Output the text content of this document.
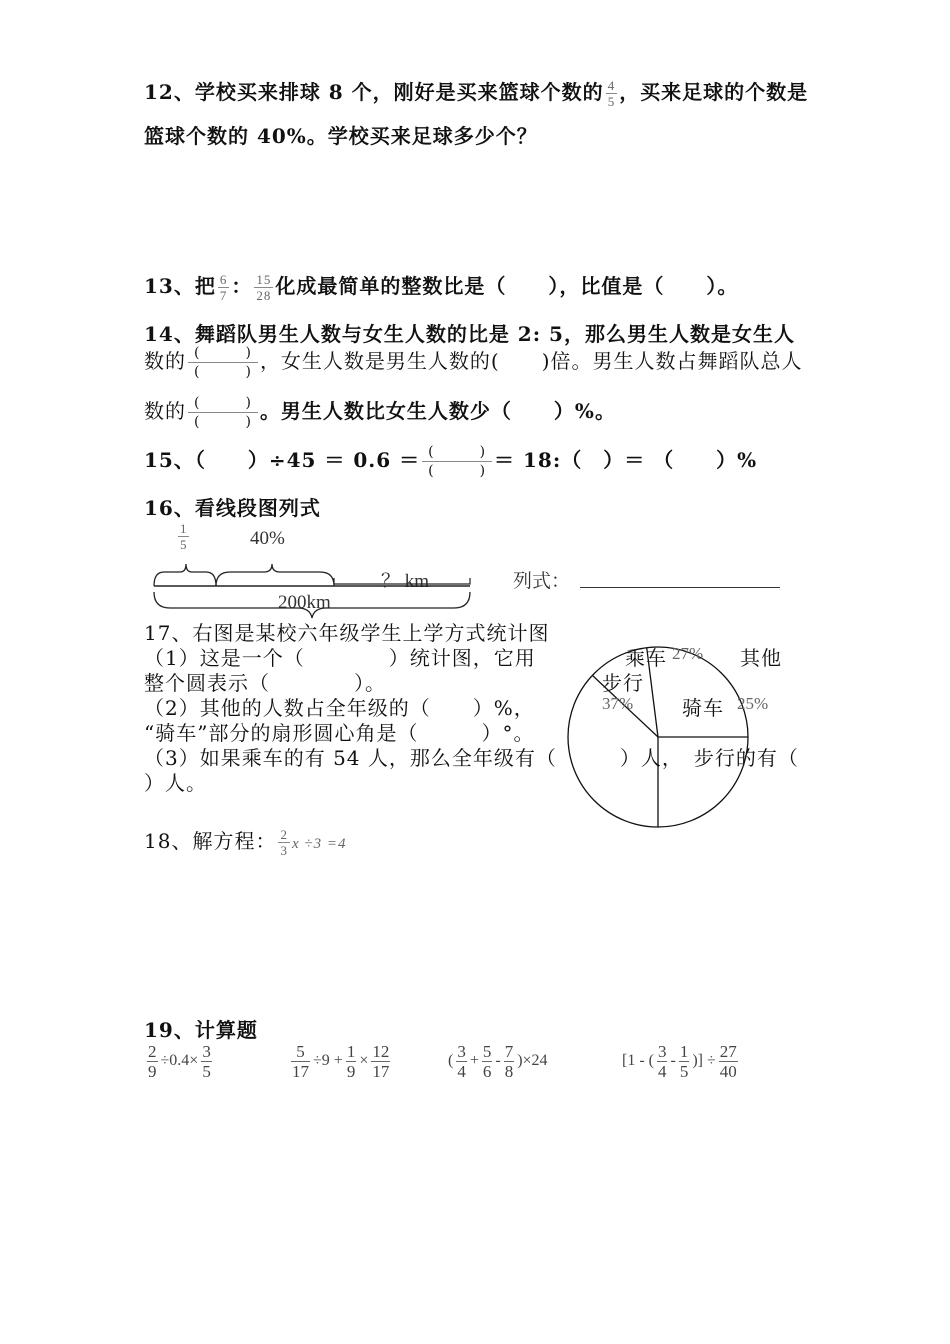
12、学校买来排球 8 个，刚好是买来篮球个数的 $\frac{4}{5}$ ，买来足球的个数是
篮球个数的 40%。学校买来足球多少个？
13、把 $\frac{6}{7}$ ： $\frac{15}{28}$ 化成最简单的整数比是（　　），比值是（　　）。
14、舞蹈队男生人数与女生人数的比是 2: 5，那么男生人数是女生人
数的 (　　　)
(　　　) ，女生人数是男生人数的(　　)倍。男生人数占舞蹈队总人
数的 (　　　)
(　　　) 。男生人数比女生人数少（　　）%。
15、（　　）÷45 ＝ 0.6 ＝ (　　　)
(　　　) ＝ 18:（　）＝ （　　）%
16、看线段图列式
$\frac{1}{5}$	40%
？ km
200km
列式：
17、右图是某校六年级学生上学方式统计图
（1）这是一个（　　　　）统计图，它用
整个圆表示（　　　　）。
（2）其他的人数占全年级的（　　）%，
“骑车”部分的扇形圆心角是（　　　）°。
（3）如果乘车的有 54 人，那么全年级有（　　　）人，　步行的有（
）人。
乘车 27% 其他
步行
37% 骑车 25%
18、解方程： $\frac{2}{3}$ x ÷3 =4
19、计算题
$\frac{2}{9} \div 0.4\times \frac{3}{5}$	$\frac{5}{17} \div 9 + \frac{1}{9} \times \frac{12}{17}$	( $\frac{3}{4} + \frac{5}{6} - \frac{7}{8} )\times 24$	[1 - ( $\frac{3}{4} - \frac{1}{5}$ )] ÷ $\frac{27}{40}$
